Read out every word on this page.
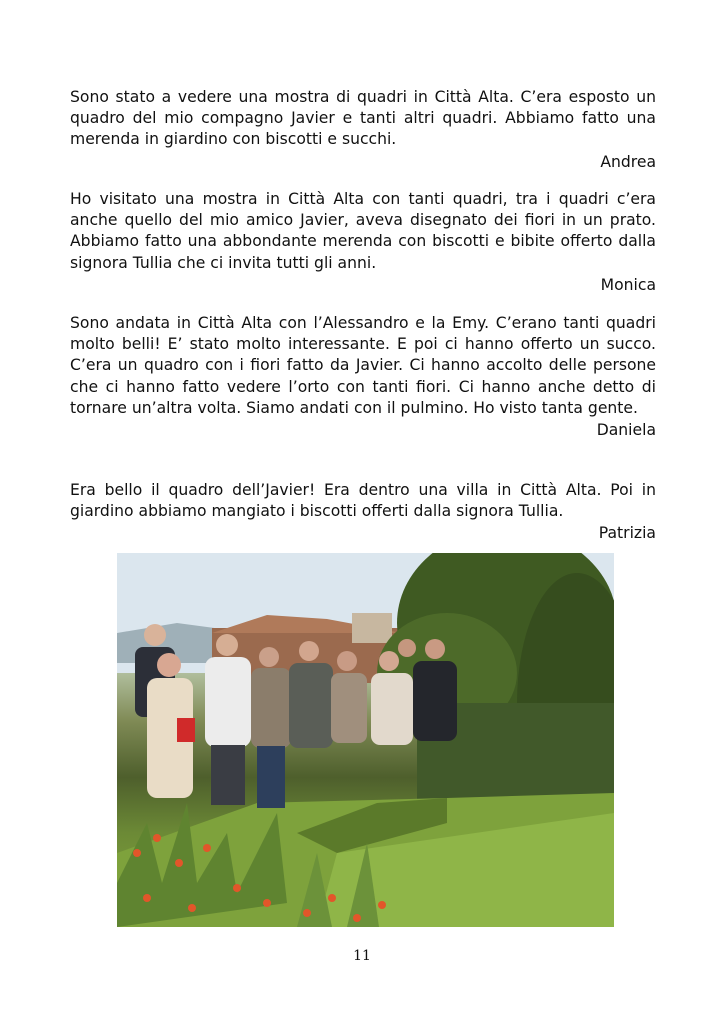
Sono stato a vedere una mostra di quadri in Città Alta. C’era esposto un quadro del mio compagno Javier e tanti altri quadri. Abbiamo fatto una merenda in giardino con biscotti e succhi.
Andrea
Ho visitato una mostra in Città Alta con tanti quadri, tra i quadri c’era anche quello del mio amico Javier, aveva disegnato dei fiori in un prato. Abbiamo fatto una abbondante merenda con biscotti e bibite offerto dalla signora Tullia che ci invita tutti gli anni.
Monica
Sono andata in Città Alta con l’Alessandro e la Emy. C’erano tanti quadri molto belli! E’ stato molto interessante. E poi ci hanno offerto un succo. C’era un quadro con i fiori fatto da Javier. Ci hanno accolto delle persone che ci hanno fatto vedere l’orto con tanti fiori. Ci hanno anche detto di tornare un’altra volta. Siamo andati con il pulmino. Ho visto tanta gente.
Daniela
Era bello il quadro dell’Javier! Era dentro una villa in Città Alta. Poi in giardino abbiamo mangiato i biscotti offerti dalla signora Tullia.
Patrizia
11
